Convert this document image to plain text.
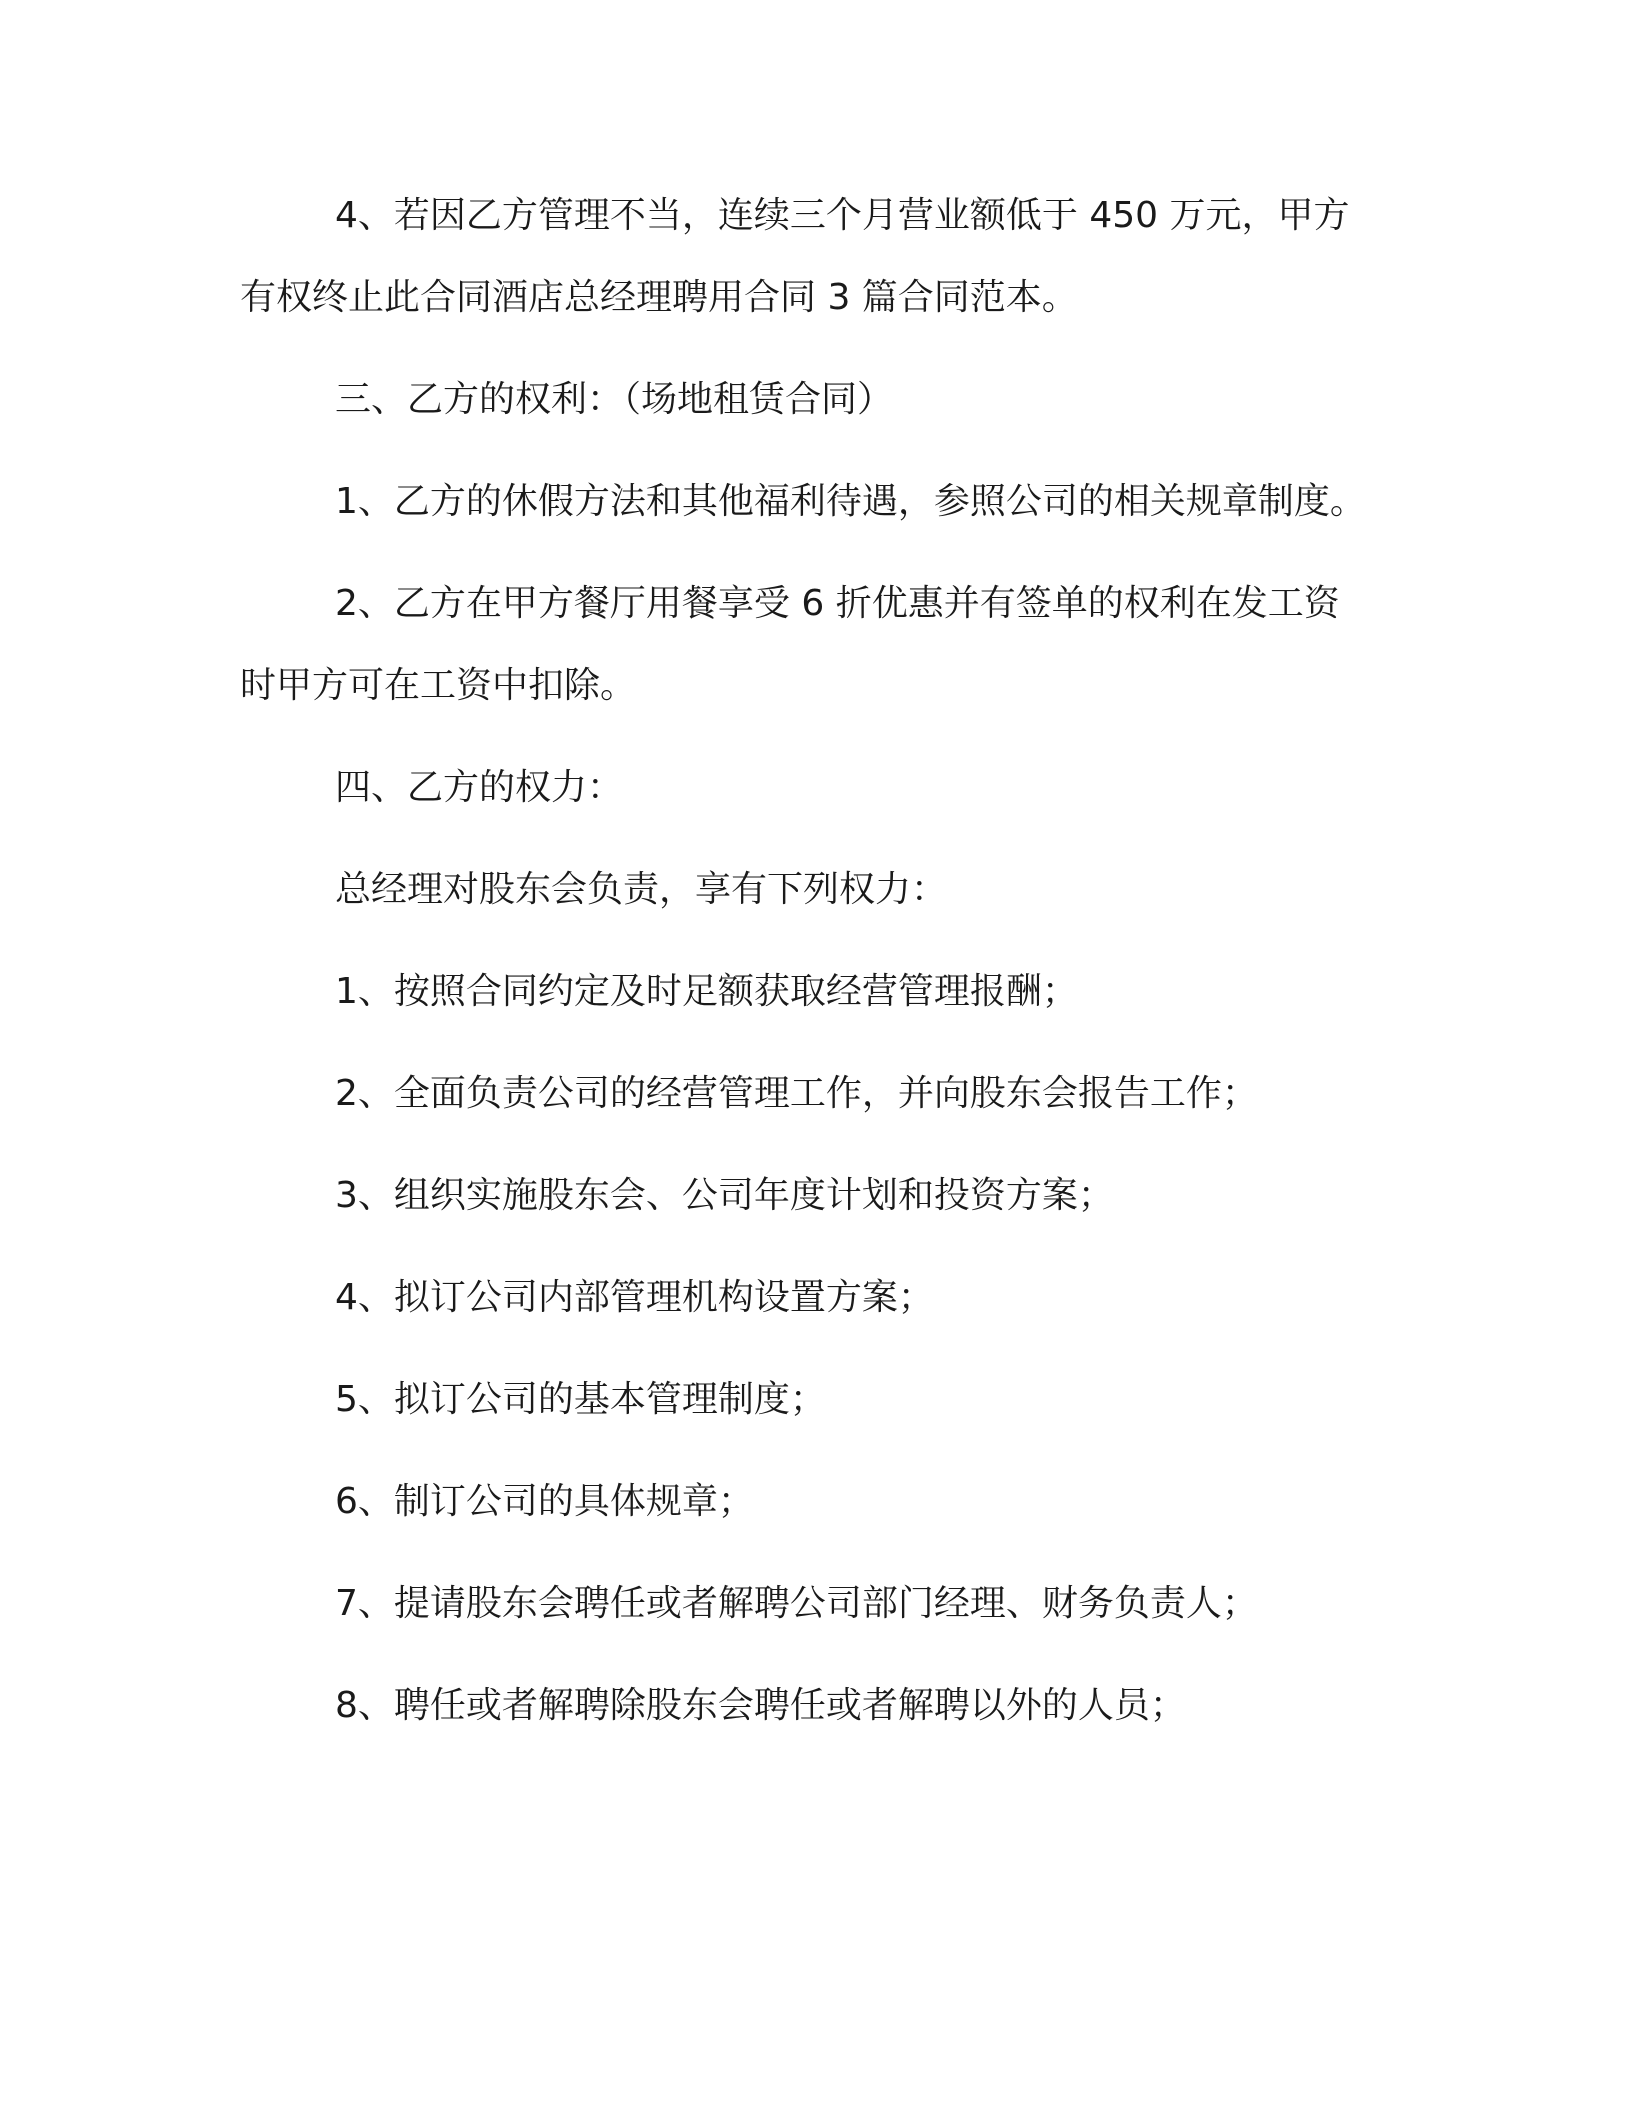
4、若因乙方管理不当，连续三个月营业额低于 450 万元，甲方

有权终止此合同酒店总经理聘用合同 3 篇合同范本。

三、乙方的权利：（场地租赁合同）

1、乙方的休假方法和其他福利待遇，参照公司的相关规章制度。

2、乙方在甲方餐厅用餐享受 6 折优惠并有签单的权利在发工资

时甲方可在工资中扣除。

四、乙方的权力：

总经理对股东会负责，享有下列权力：

1、按照合同约定及时足额获取经营管理报酬；

2、全面负责公司的经营管理工作，并向股东会报告工作；

3、组织实施股东会、公司年度计划和投资方案；

4、拟订公司内部管理机构设置方案；

5、拟订公司的基本管理制度；

6、制订公司的具体规章；

7、提请股东会聘任或者解聘公司部门经理、财务负责人；

8、聘任或者解聘除股东会聘任或者解聘以外的人员；
